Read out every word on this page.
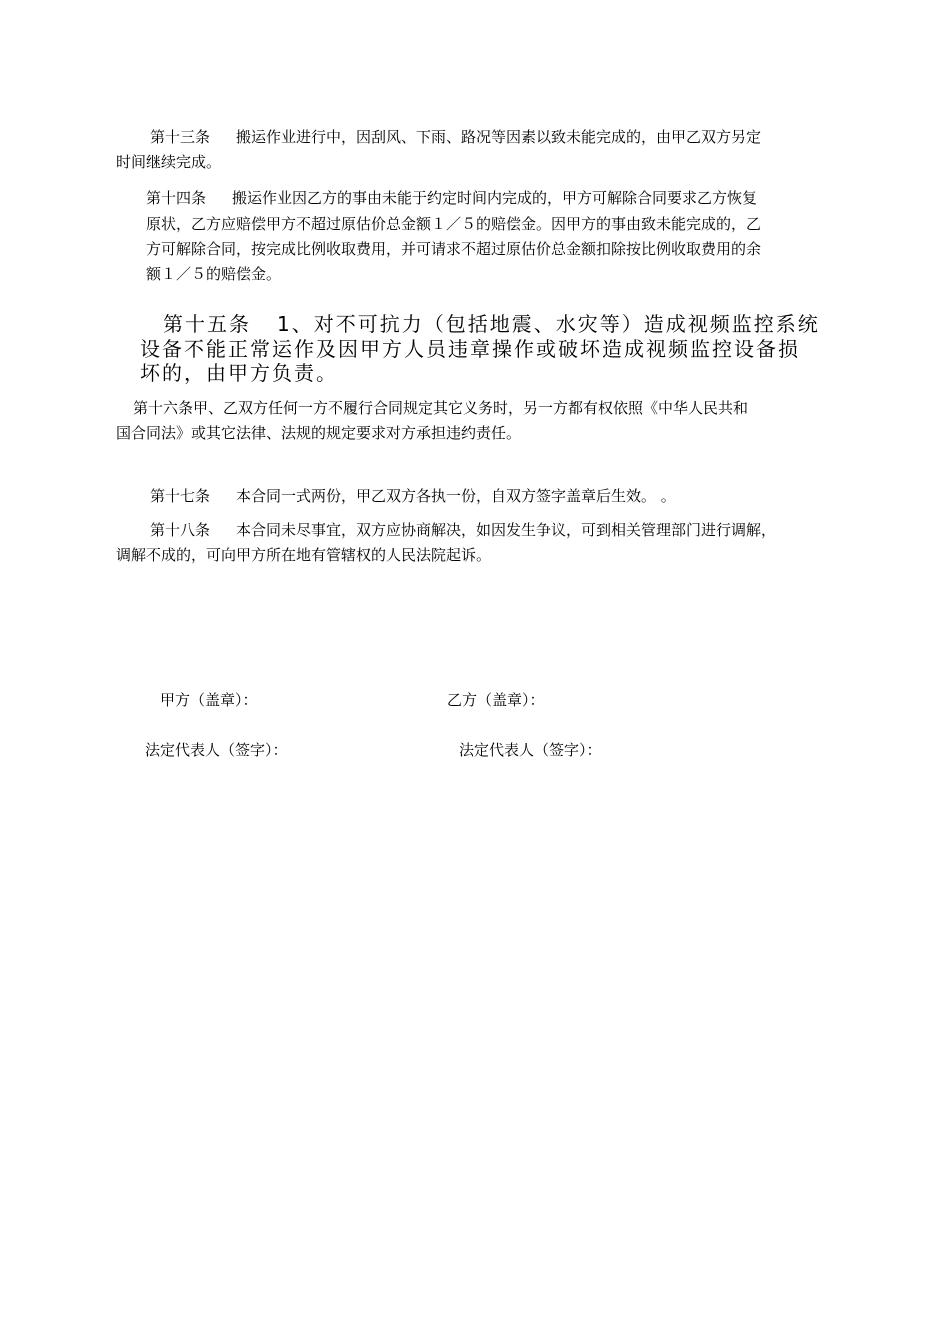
第十三条 搬运作业进行中，因刮风、下雨、路况等因素以致未能完成的，由甲乙双方另定
时间继续完成。
第十四条 搬运作业因乙方的事由未能于约定时间内完成的，甲方可解除合同要求乙方恢复
原状，乙方应赔偿甲方不超过原估价总金额１／５的赔偿金。因甲方的事由致未能完成的，乙
方可解除合同，按完成比例收取费用，并可请求不超过原估价总金额扣除按比例收取费用的余
额１／５的赔偿金。
第十五条 1、对不可抗力（包括地震、水灾等）造成视频监控系统
设备不能正常运作及因甲方人员违章操作或破坏造成视频监控设备损
坏的，由甲方负责。
第十六条甲、乙双方任何一方不履行合同规定其它义务时，另一方都有权依照《中华人民共和
国合同法》或其它法律、法规的规定要求对方承担违约责任。
第十七条 本合同一式两份，甲乙双方各执一份，自双方签字盖章后生效。 。
第十八条 本合同未尽事宜，双方应协商解决，如因发生争议，可到相关管理部门进行调解，
调解不成的，可向甲方所在地有管辖权的人民法院起诉。
甲方（盖章）：	乙方（盖章）：
法定代表人（签字）：	法定代表人（签字）：
